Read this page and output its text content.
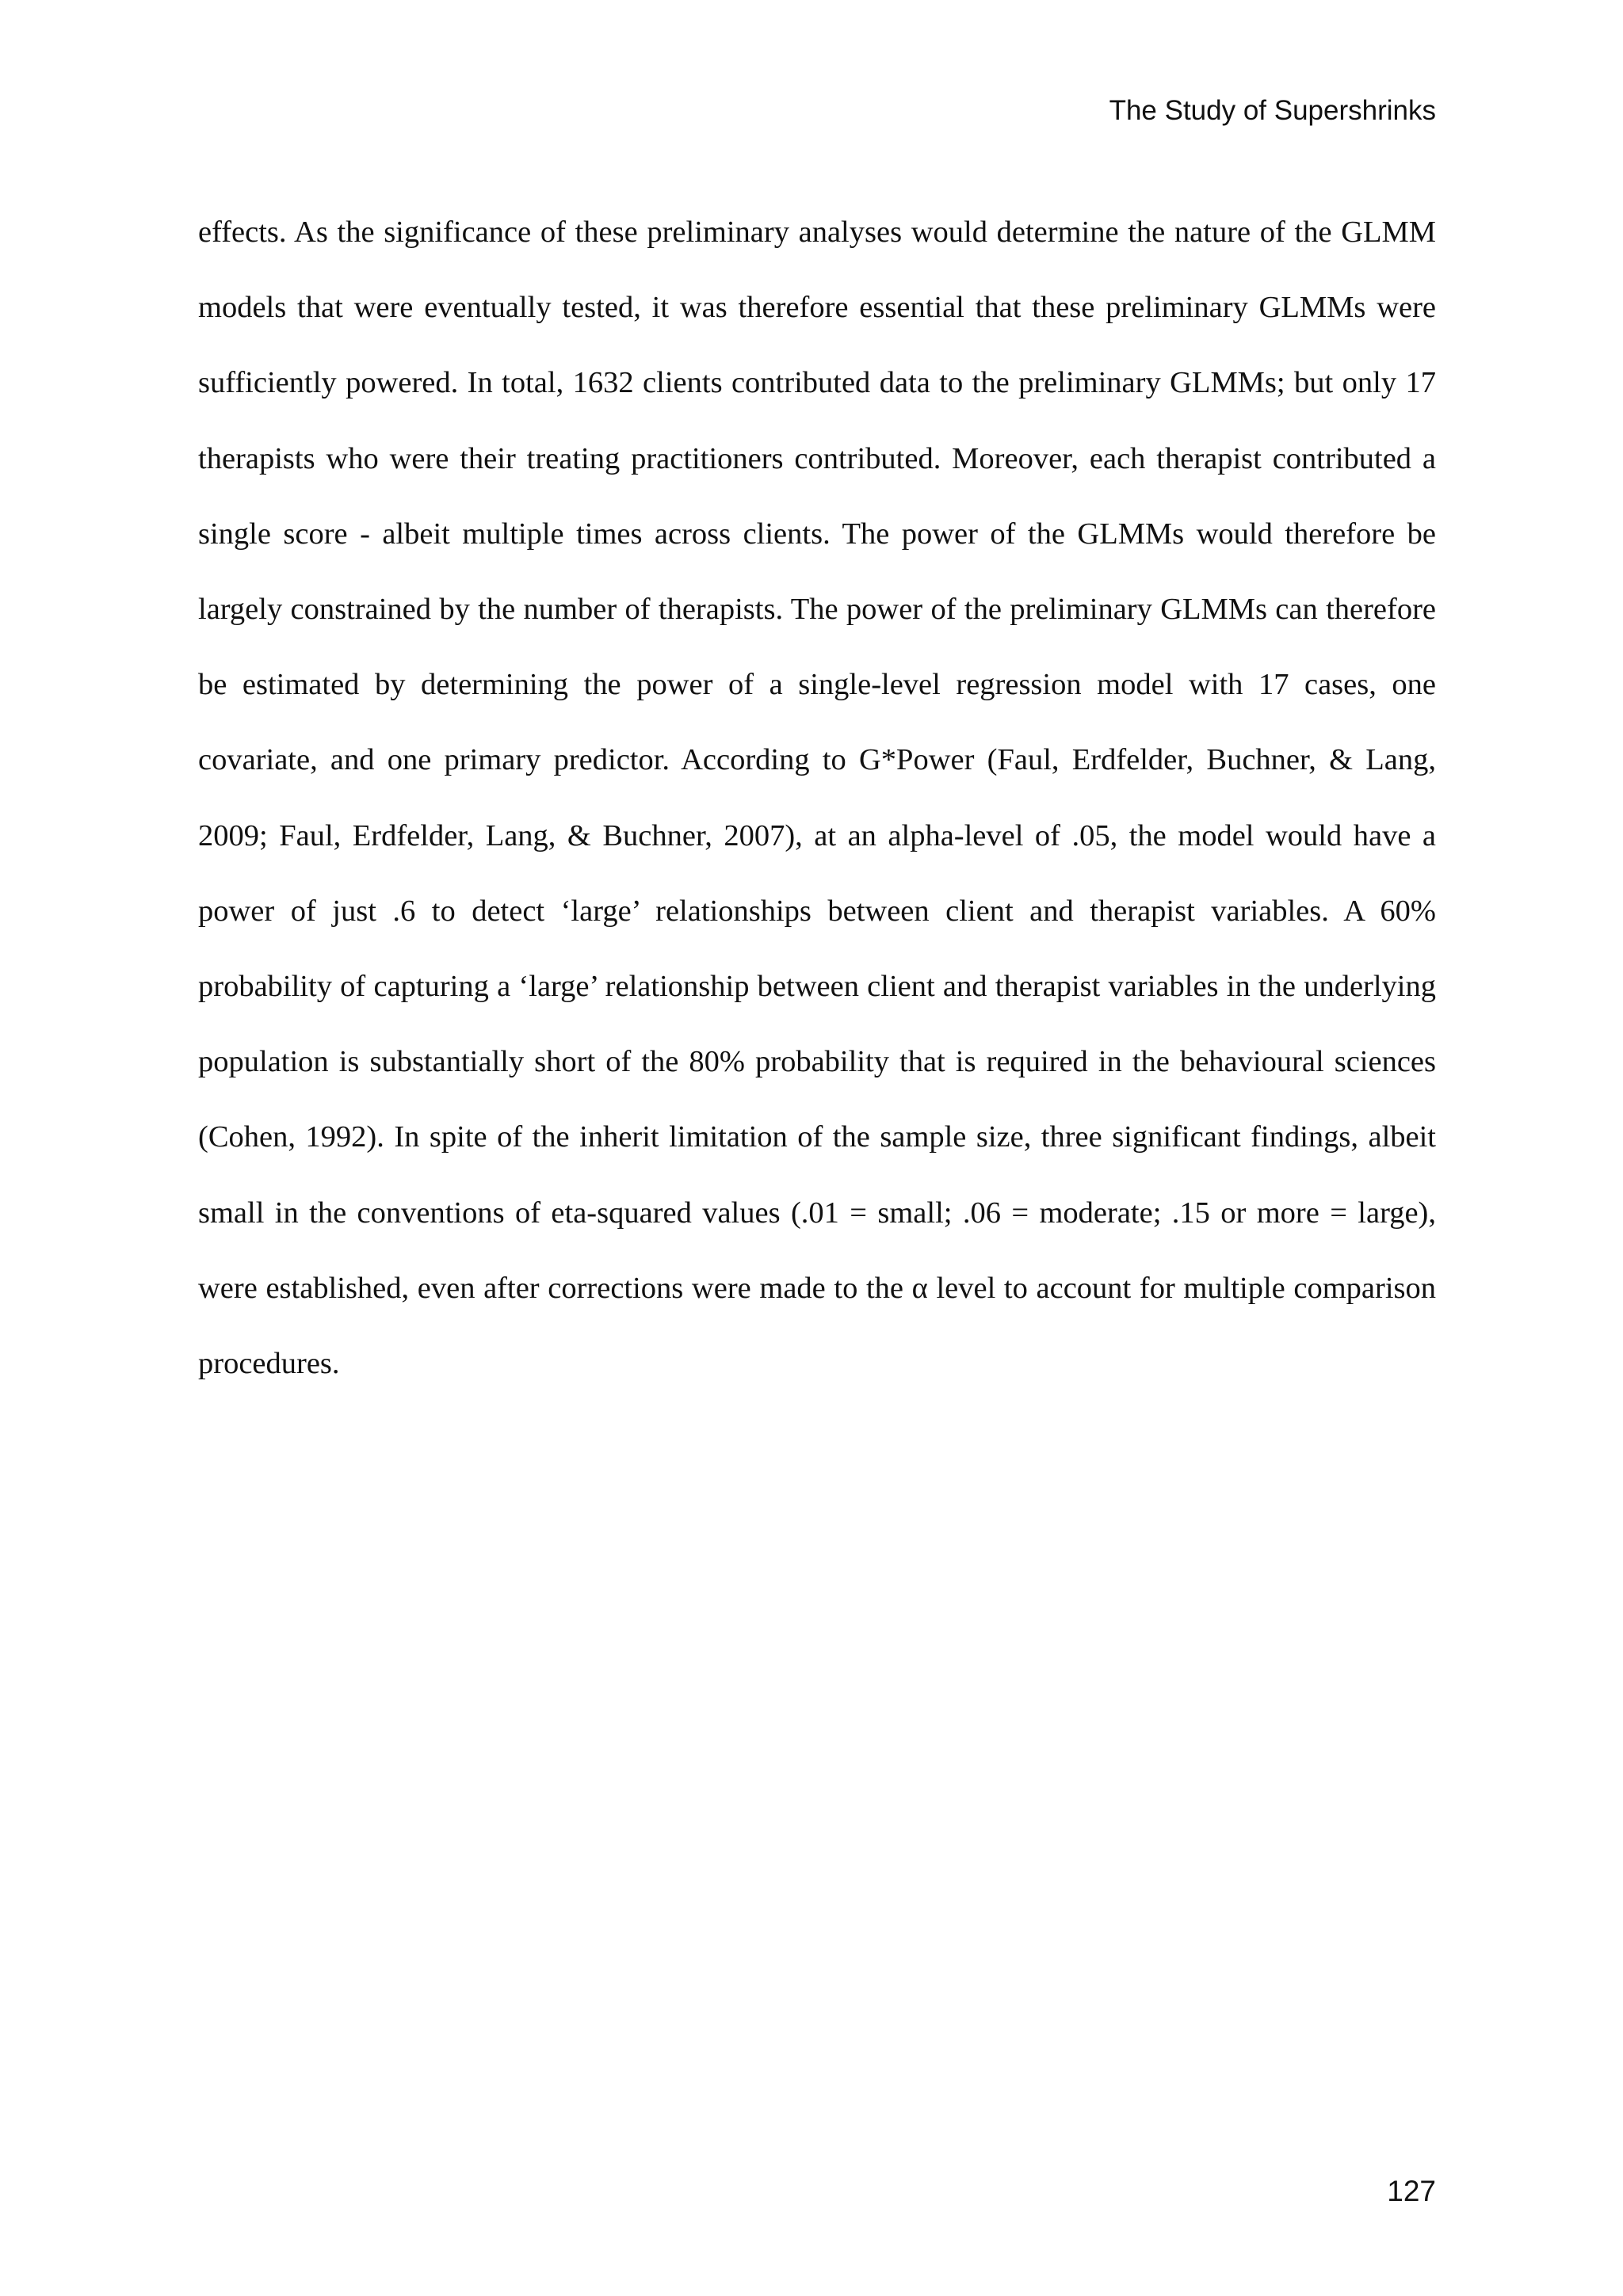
The Study of Supershrinks

effects. As the significance of these preliminary analyses would determine the nature of the GLMM models that were eventually tested, it was therefore essential that these preliminary GLMMs were sufficiently powered. In total, 1632 clients contributed data to the preliminary GLMMs; but only 17 therapists who were their treating practitioners contributed. Moreover, each therapist contributed a single score - albeit multiple times across clients. The power of the GLMMs would therefore be largely constrained by the number of therapists. The power of the preliminary GLMMs can therefore be estimated by determining the power of a single-level regression model with 17 cases, one covariate, and one primary predictor. According to G*Power (Faul, Erdfelder, Buchner, & Lang, 2009; Faul, Erdfelder, Lang, & Buchner, 2007), at an alpha-level of .05, the model would have a power of just .6 to detect ‘large’ relationships between client and therapist variables. A 60% probability of capturing a ‘large’ relationship between client and therapist variables in the underlying population is substantially short of the 80% probability that is required in the behavioural sciences (Cohen, 1992). In spite of the inherit limitation of the sample size, three significant findings, albeit small in the conventions of eta-squared values (.01 = small; .06 = moderate; .15 or more = large), were established, even after corrections were made to the α level to account for multiple comparison procedures.

127
